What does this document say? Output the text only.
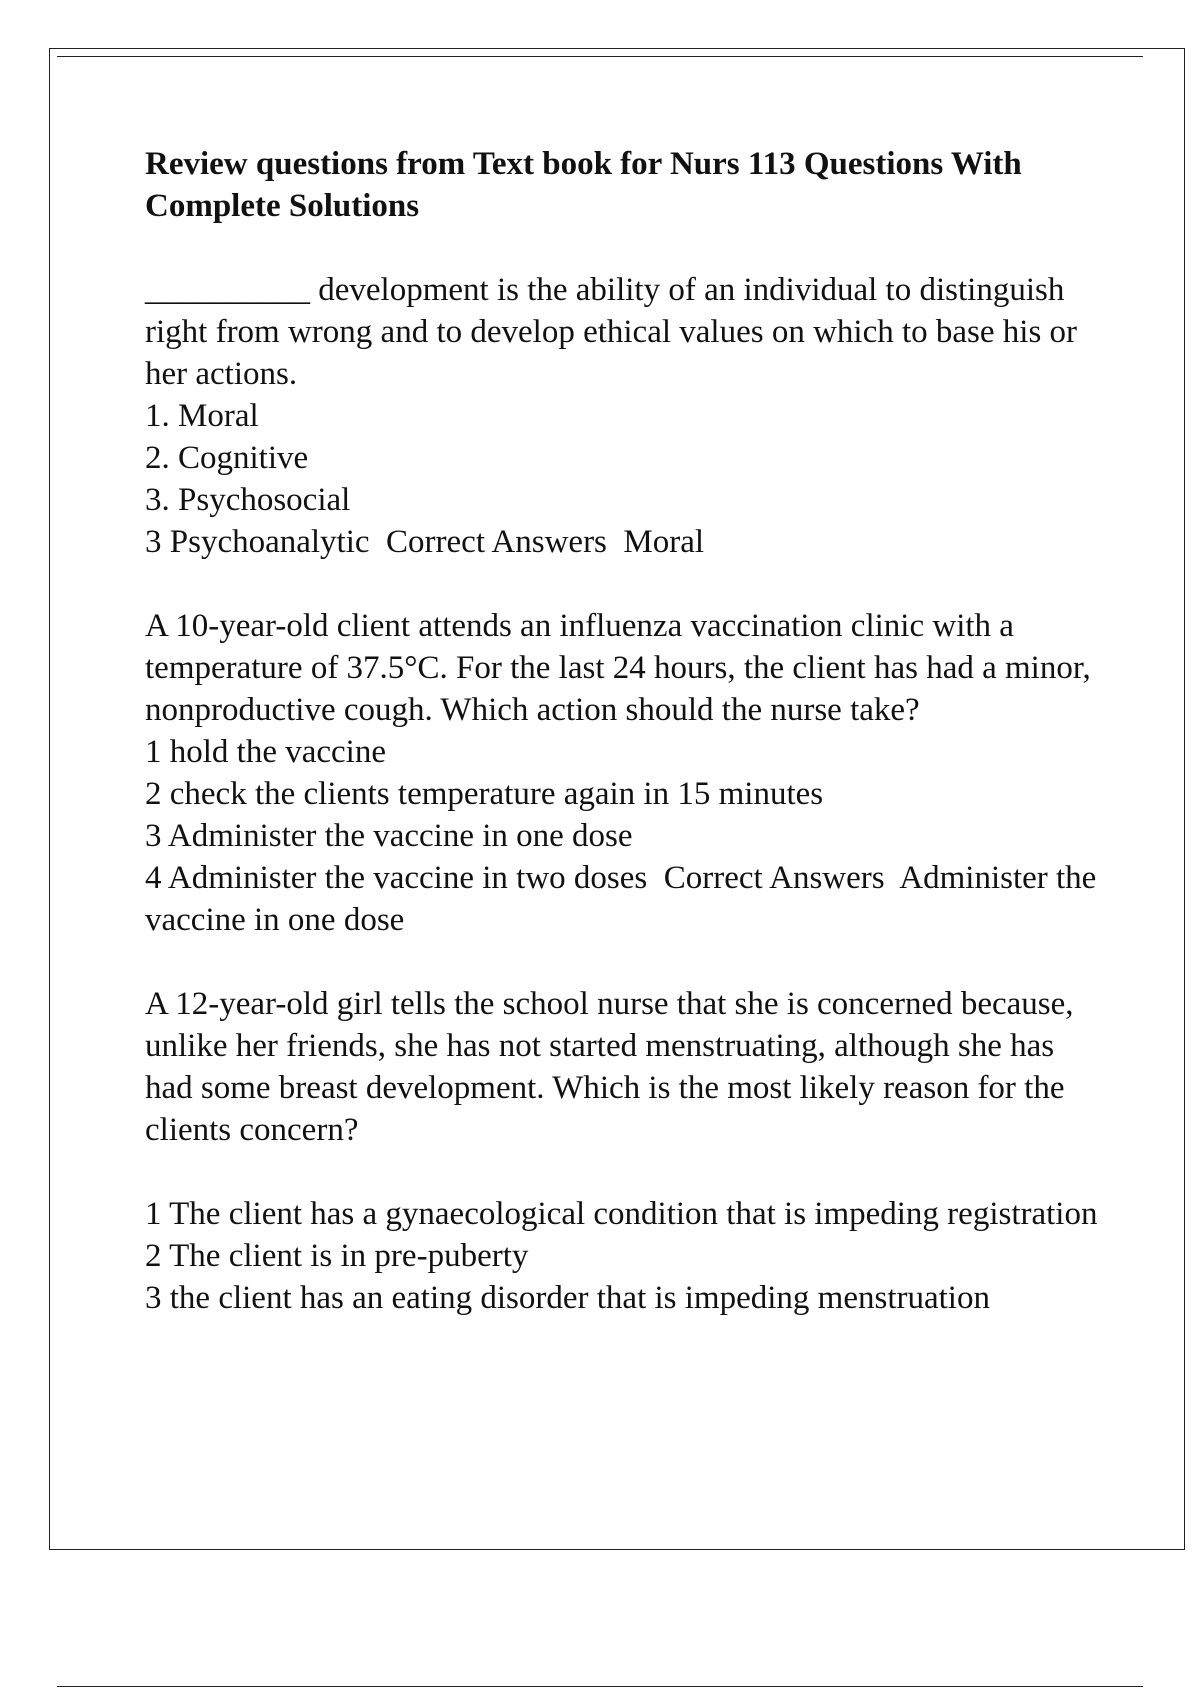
Review questions from Text book for Nurs 113 Questions With Complete Solutions
__________ development is the ability of an individual to distinguish right from wrong and to develop ethical values on which to base his or her actions.
1. Moral
2. Cognitive
3. Psychosocial
3 Psychoanalytic  Correct Answers  Moral
A 10-year-old client attends an influenza vaccination clinic with a temperature of 37.5°C. For the last 24 hours, the client has had a minor, nonproductive cough. Which action should the nurse take?
1 hold the vaccine
2 check the clients temperature again in 15 minutes
3 Administer the vaccine in one dose
4 Administer the vaccine in two doses  Correct Answers  Administer the vaccine in one dose
A 12-year-old girl tells the school nurse that she is concerned because, unlike her friends, she has not started menstruating, although she has had some breast development. Which is the most likely reason for the clients concern?
1 The client has a gynaecological condition that is impeding registration
2 The client is in pre-puberty
3 the client has an eating disorder that is impeding menstruation
